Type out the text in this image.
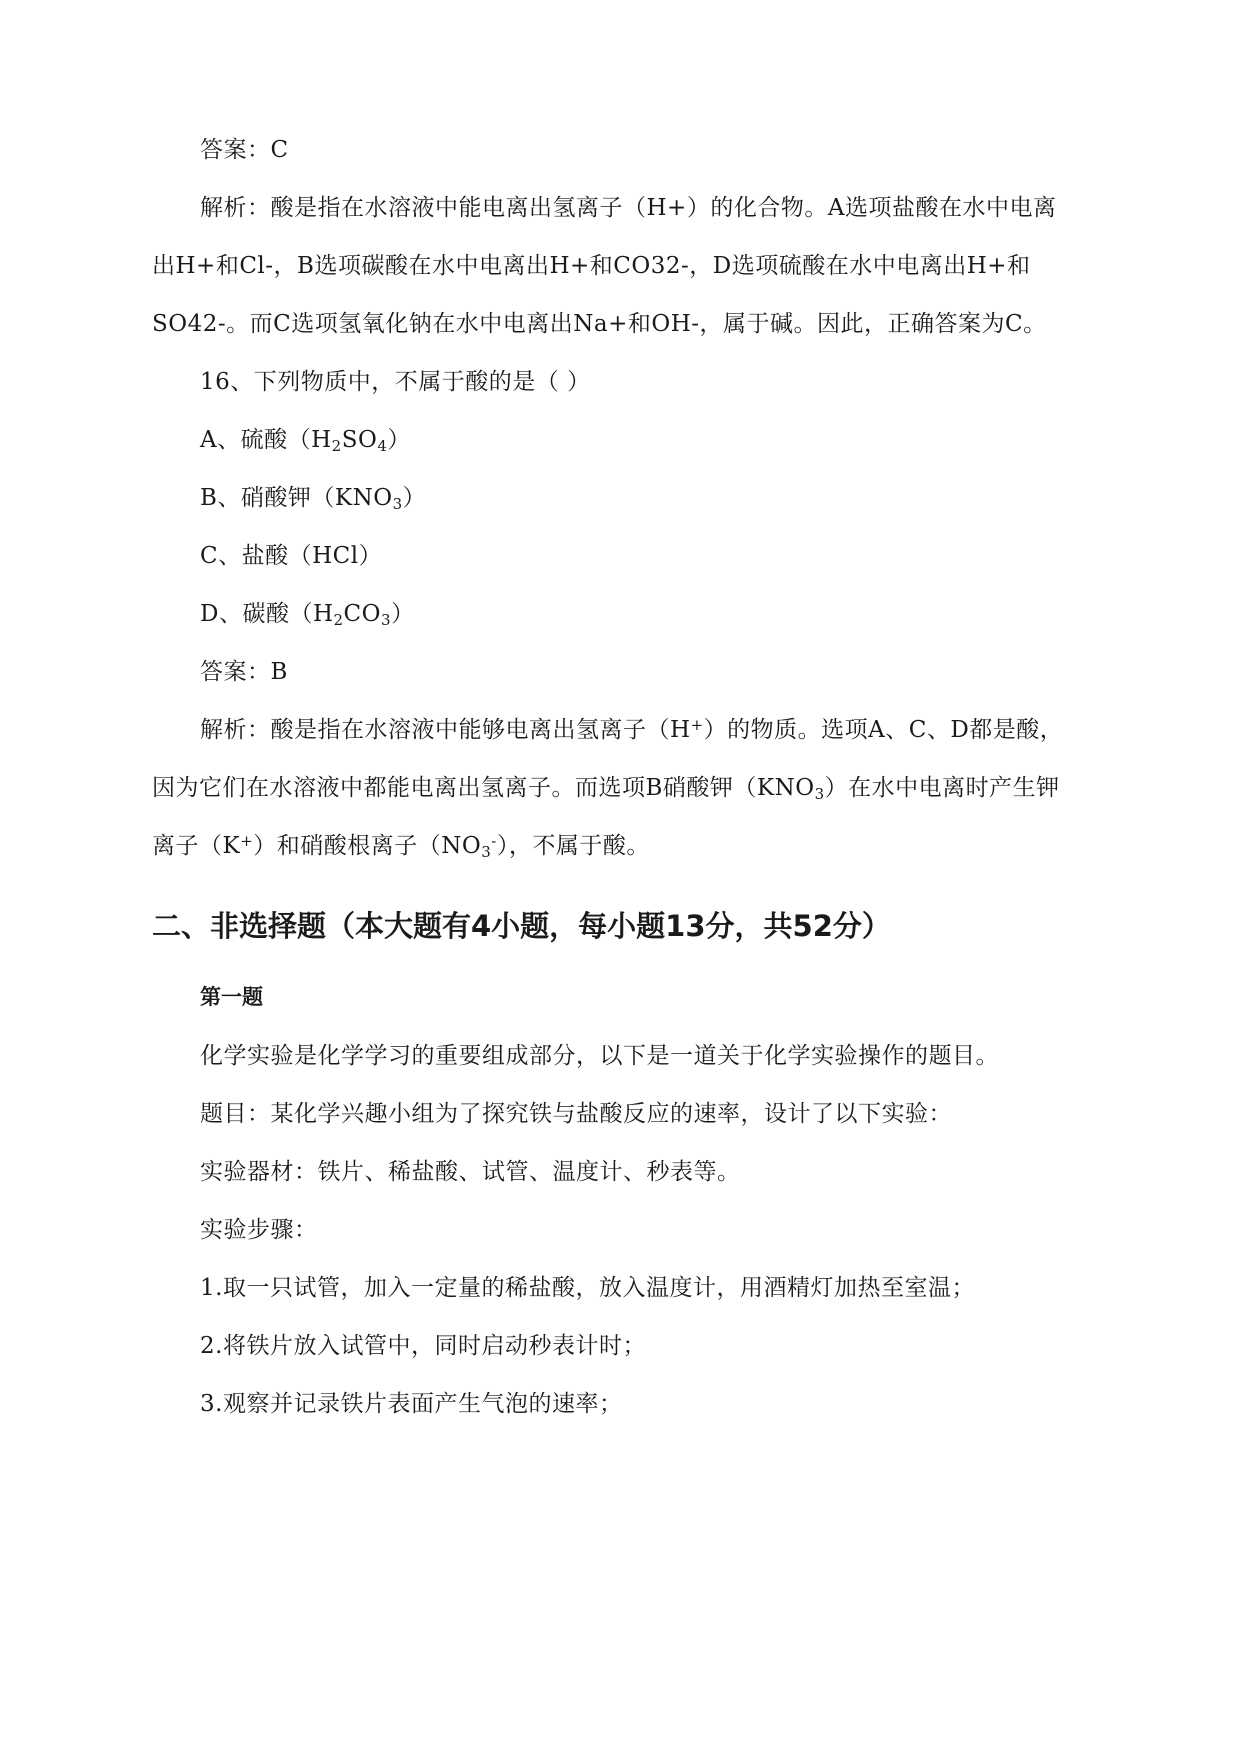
答案：C
解析：酸是指在水溶液中能电离出氢离子（H+）的化合物。A选项盐酸在水中电离
出H+和Cl-，B选项碳酸在水中电离出H+和CO32-，D选项硫酸在水中电离出H+和
SO42-。而C选项氢氧化钠在水中电离出Na+和OH-，属于碱。因此，正确答案为C。
16、下列物质中，不属于酸的是（ ）
A、硫酸$(H_2SO_4)$
B、硝酸钾$(KNO_3)$
C、盐酸（HCl）
D、碳酸$(H_2CO_3)$
答案：B
解析：酸是指在水溶液中能够电离出氢离子（H+）的物质。选项A、C、D都是酸，
因为它们在水溶液中都能电离出氢离子。而选项B硝酸钾$(KNO_3)$在水中电离时产生钾
离子（K+）和硝酸根离子$(NO_3^-)$，不属于酸。
二、非选择题（本大题有4小题，每小题13分，共52分）
第一题
化学实验是化学学习的重要组成部分，以下是一道关于化学实验操作的题目。
题目：某化学兴趣小组为了探究铁与盐酸反应的速率，设计了以下实验：
实验器材：铁片、稀盐酸、试管、温度计、秒表等。
实验步骤：
1.取一只试管，加入一定量的稀盐酸，放入温度计，用酒精灯加热至室温；
2.将铁片放入试管中，同时启动秒表计时；
3.观察并记录铁片表面产生气泡的速率；
